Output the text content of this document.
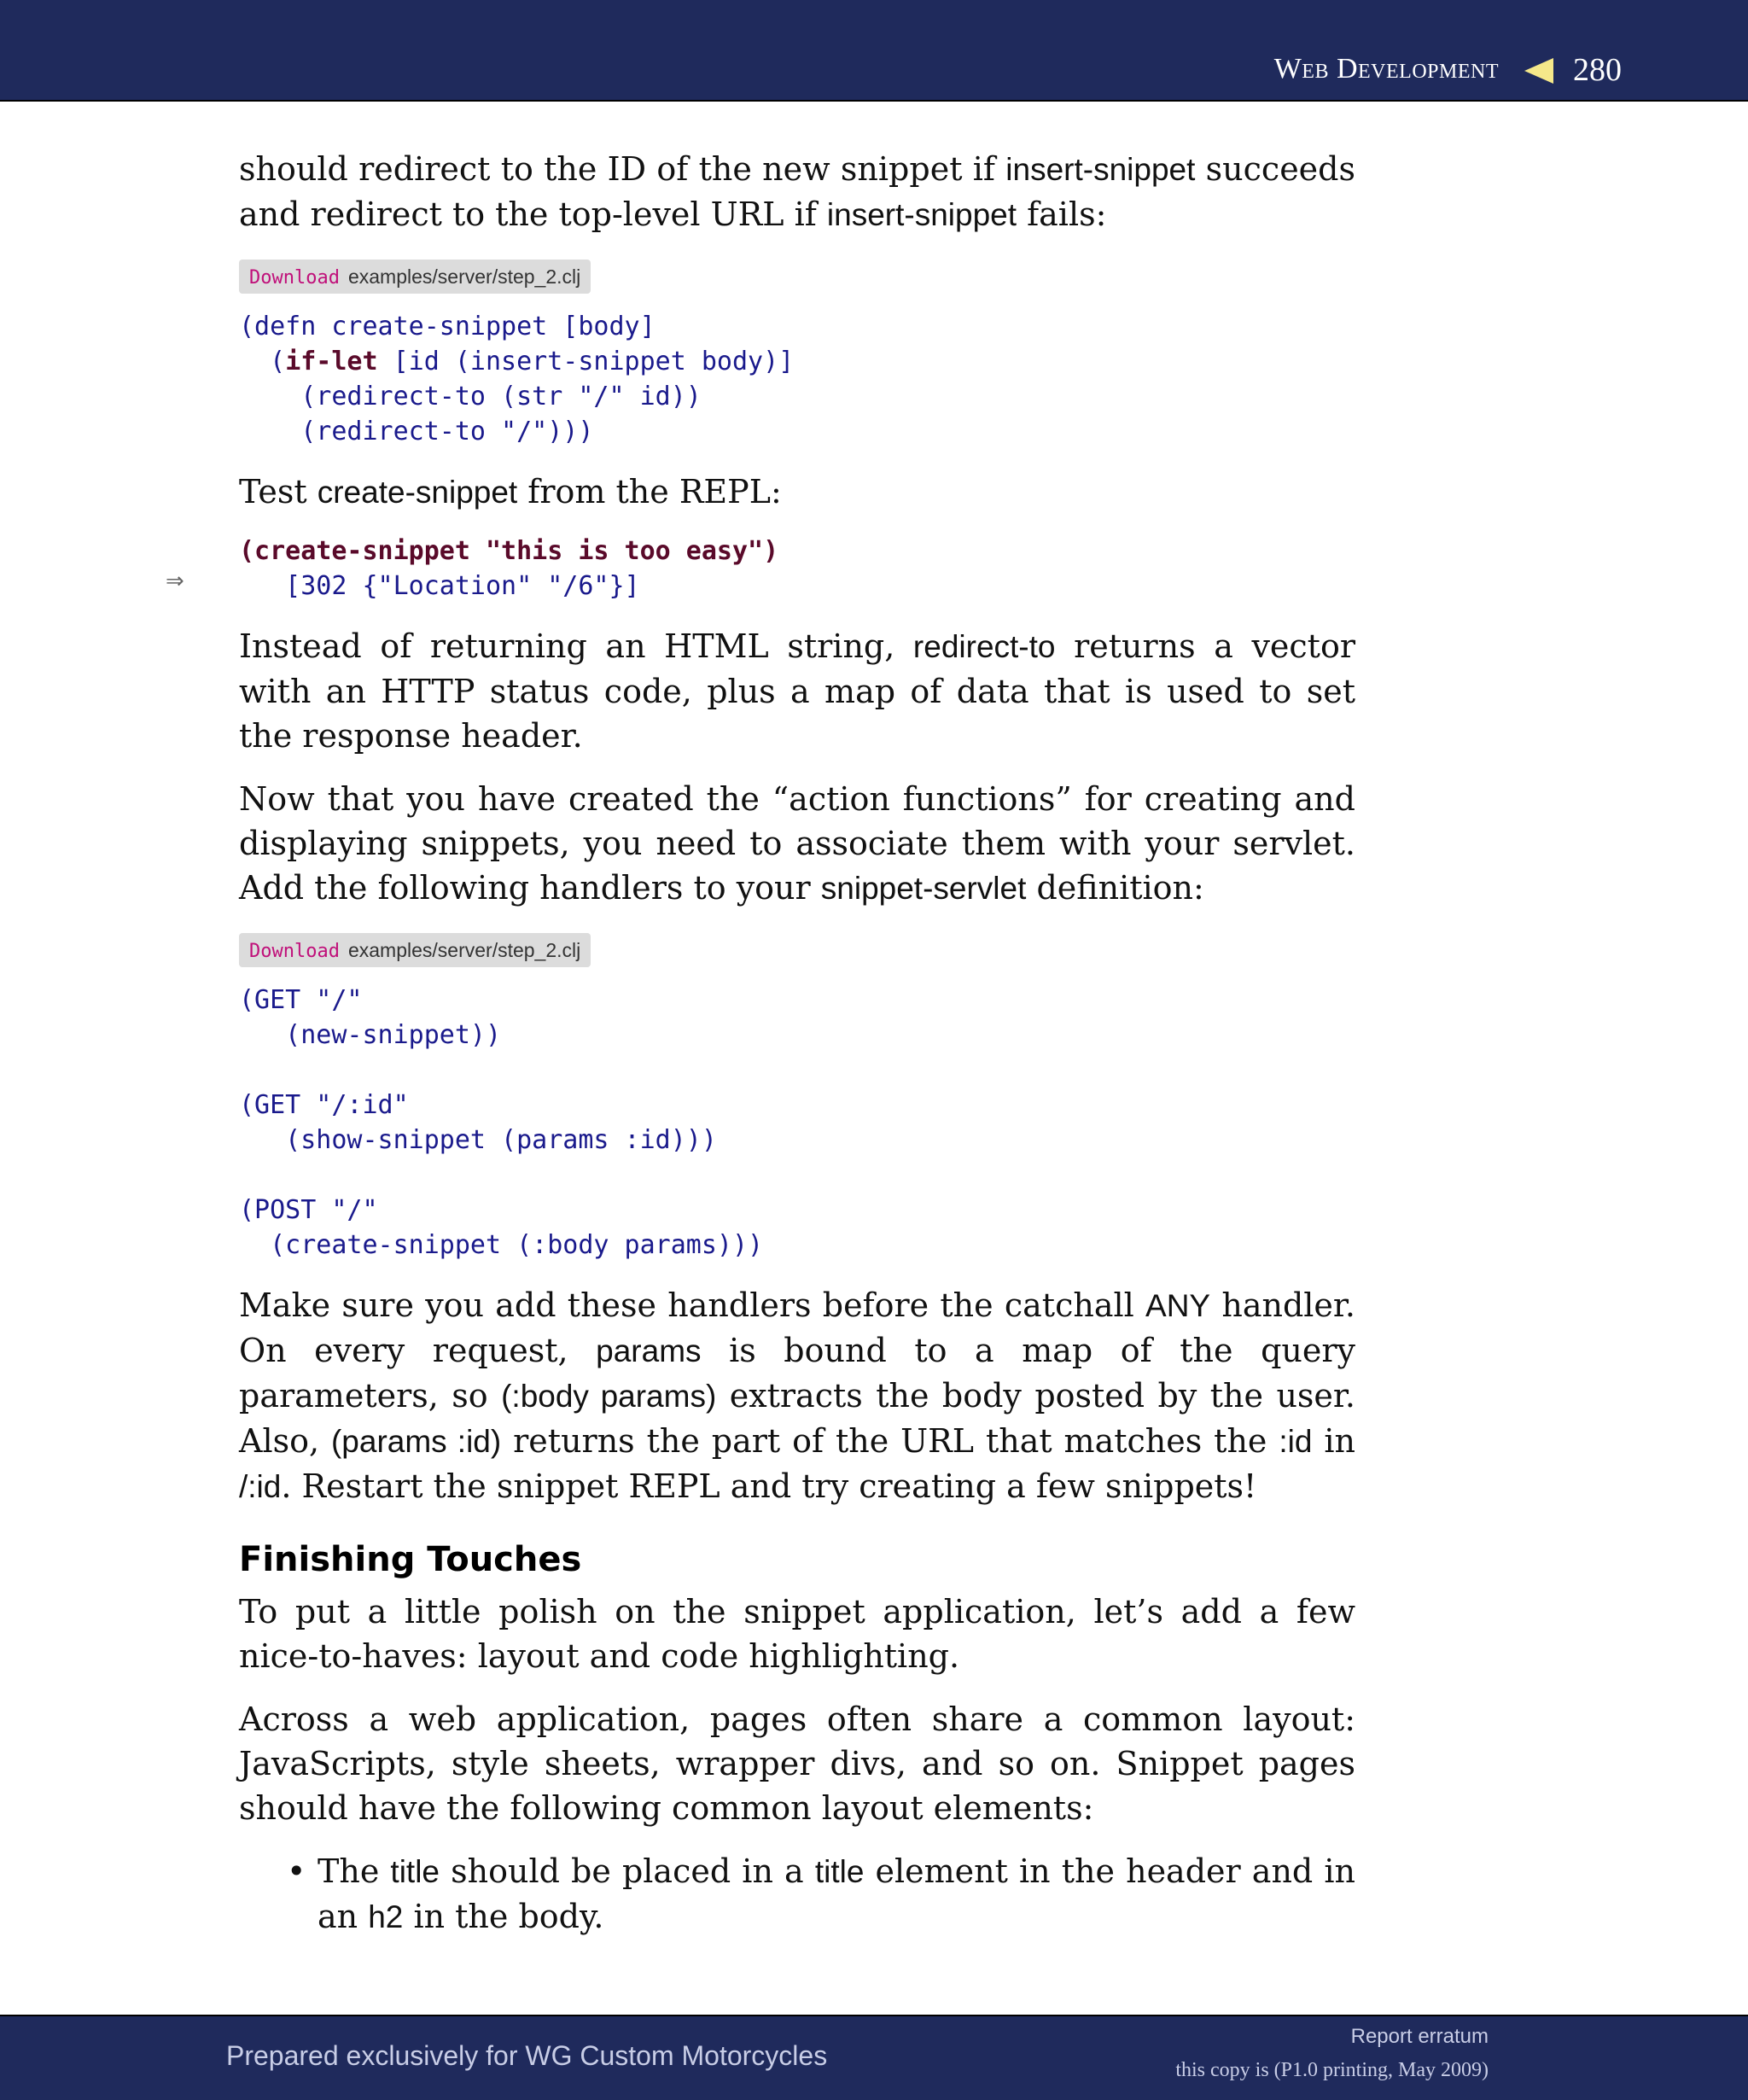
Web Development 280

should redirect to the ID of the new snippet if insert-snippet succeeds and redirect to the top-level URL if insert-snippet fails:

Download examples/server/step_2.clj
(defn create-snippet [body]
(if-let [id (insert-snippet body)]
(redirect-to (str "/" id))
(redirect-to "/")))

Test create-snippet from the REPL:

⇒
(create-snippet "this is too easy")
[302 {"Location" "/6"}]

Instead of returning an HTML string, redirect-to returns a vector with an HTTP status code, plus a map of data that is used to set the response header.

Now that you have created the “action functions” for creating and displaying snippets, you need to associate them with your servlet. Add the following handlers to your snippet-servlet definition:

Download examples/server/step_2.clj
(GET "/"
(new-snippet))

(GET "/:id"
(show-snippet (params :id)))

(POST "/"
(create-snippet (:body params)))

Make sure you add these handlers before the catchall ANY handler. On every request, params is bound to a map of the query parameters, so (:body params) extracts the body posted by the user. Also, (params :id) returns the part of the URL that matches the :id in /:id. Restart the snippet REPL and try creating a few snippets!

Finishing Touches

To put a little polish on the snippet application, let’s add a few nice-to-haves: layout and code highlighting.

Across a web application, pages often share a common layout: JavaScripts, style sheets, wrapper divs, and so on. Snippet pages should have the following common layout elements:

• The title should be placed in a title element in the header and in an h2 in the body.
Prepared exclusively for WG Custom Motorcycles
Report erratum
this copy is (P1.0 printing, May 2009)
